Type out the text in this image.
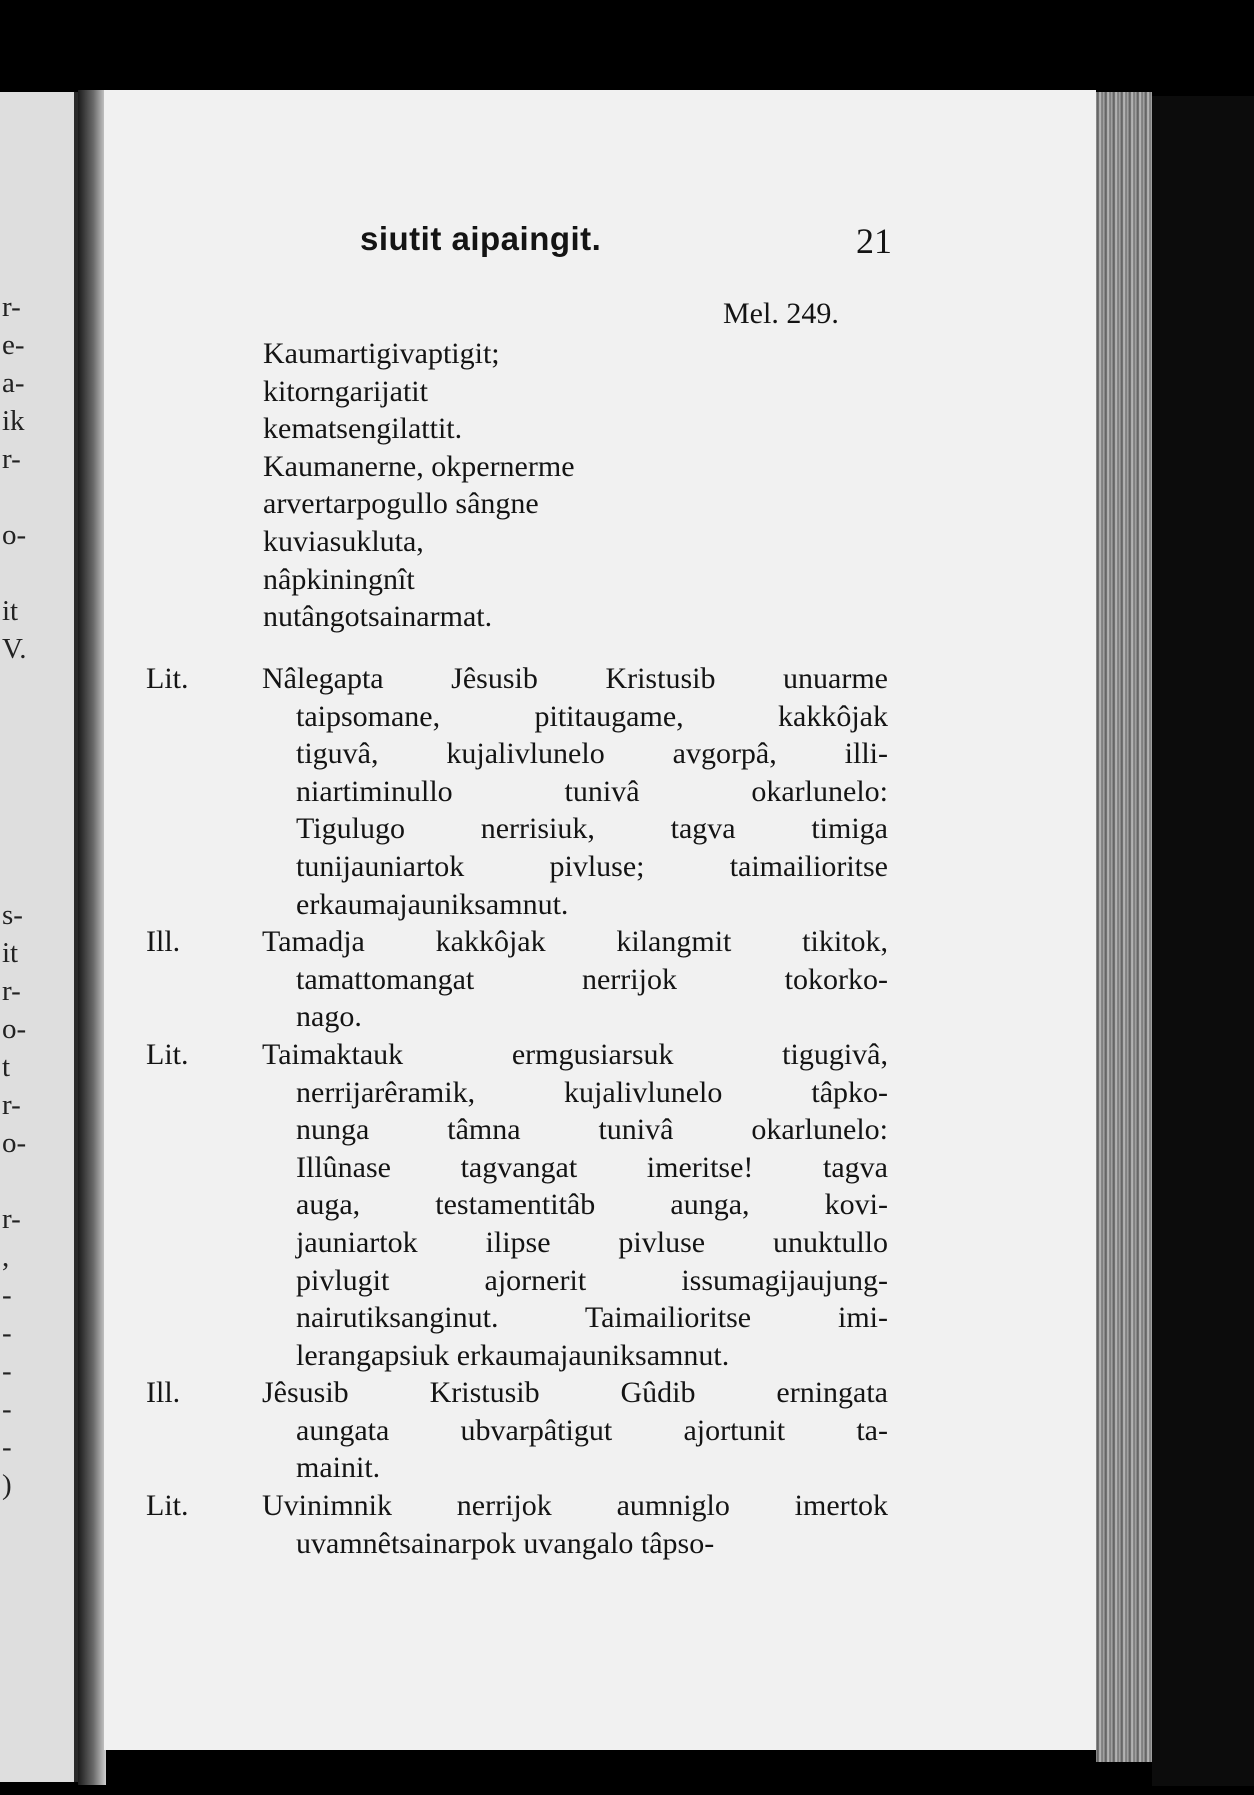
r-
e-
a-
ik
r-
o-
it
V.
s-
it
r-
o-
t
r-
o-
r-
,
-
-
-
-
-
)
siutit aipaingit.	21
Mel. 249.
Kaumartigivaptigit;
kitorngarijatit
kematsengilattit.
Kaumanerne, okpernerme
arvertarpogullo sângne
kuviasukluta,
nâpkiningnît
nutângotsainarmat.
Lit. Nâlegapta Jêsusib Kristusib unuarme
taipsomane, pititaugame, kakkôjak
tiguvâ, kujalivlunelo avgorpâ, illi-
niartiminullo tunivâ okarlunelo:
Tigulugo nerrisiuk, tagva timiga
tunijauniartok pivluse; taimailioritse
erkaumajauniksamnut.
Ill.	Tamadja kakkôjak kilangmit tikitok,
tamattomangat nerrijok tokorko-
nago.
Lit. Taimaktauk ermgusiarsuk tigugivâ,
nerrijarêramik, kujalivlunelo tâpko-
nunga tâmna tunivâ okarlunelo:
Illûnase tagvangat imeritse! tagva
auga, testamentitâb aunga, kovi-
jauniartok ilipse pivluse unuktullo
pivlugit ajornerit issumagijaujung-
nairutiksanginut. Taimailioritse imi-
lerangapsiuk erkaumajauniksamnut.
Ill.	Jêsusib Kristusib Gûdib erningata
aungata ubvarpâtigut ajortunit ta-
mainit.
Lit. Uvinimnik nerrijok aumniglo imertok
uvamnêtsainarpok uvangalo tâpso-
